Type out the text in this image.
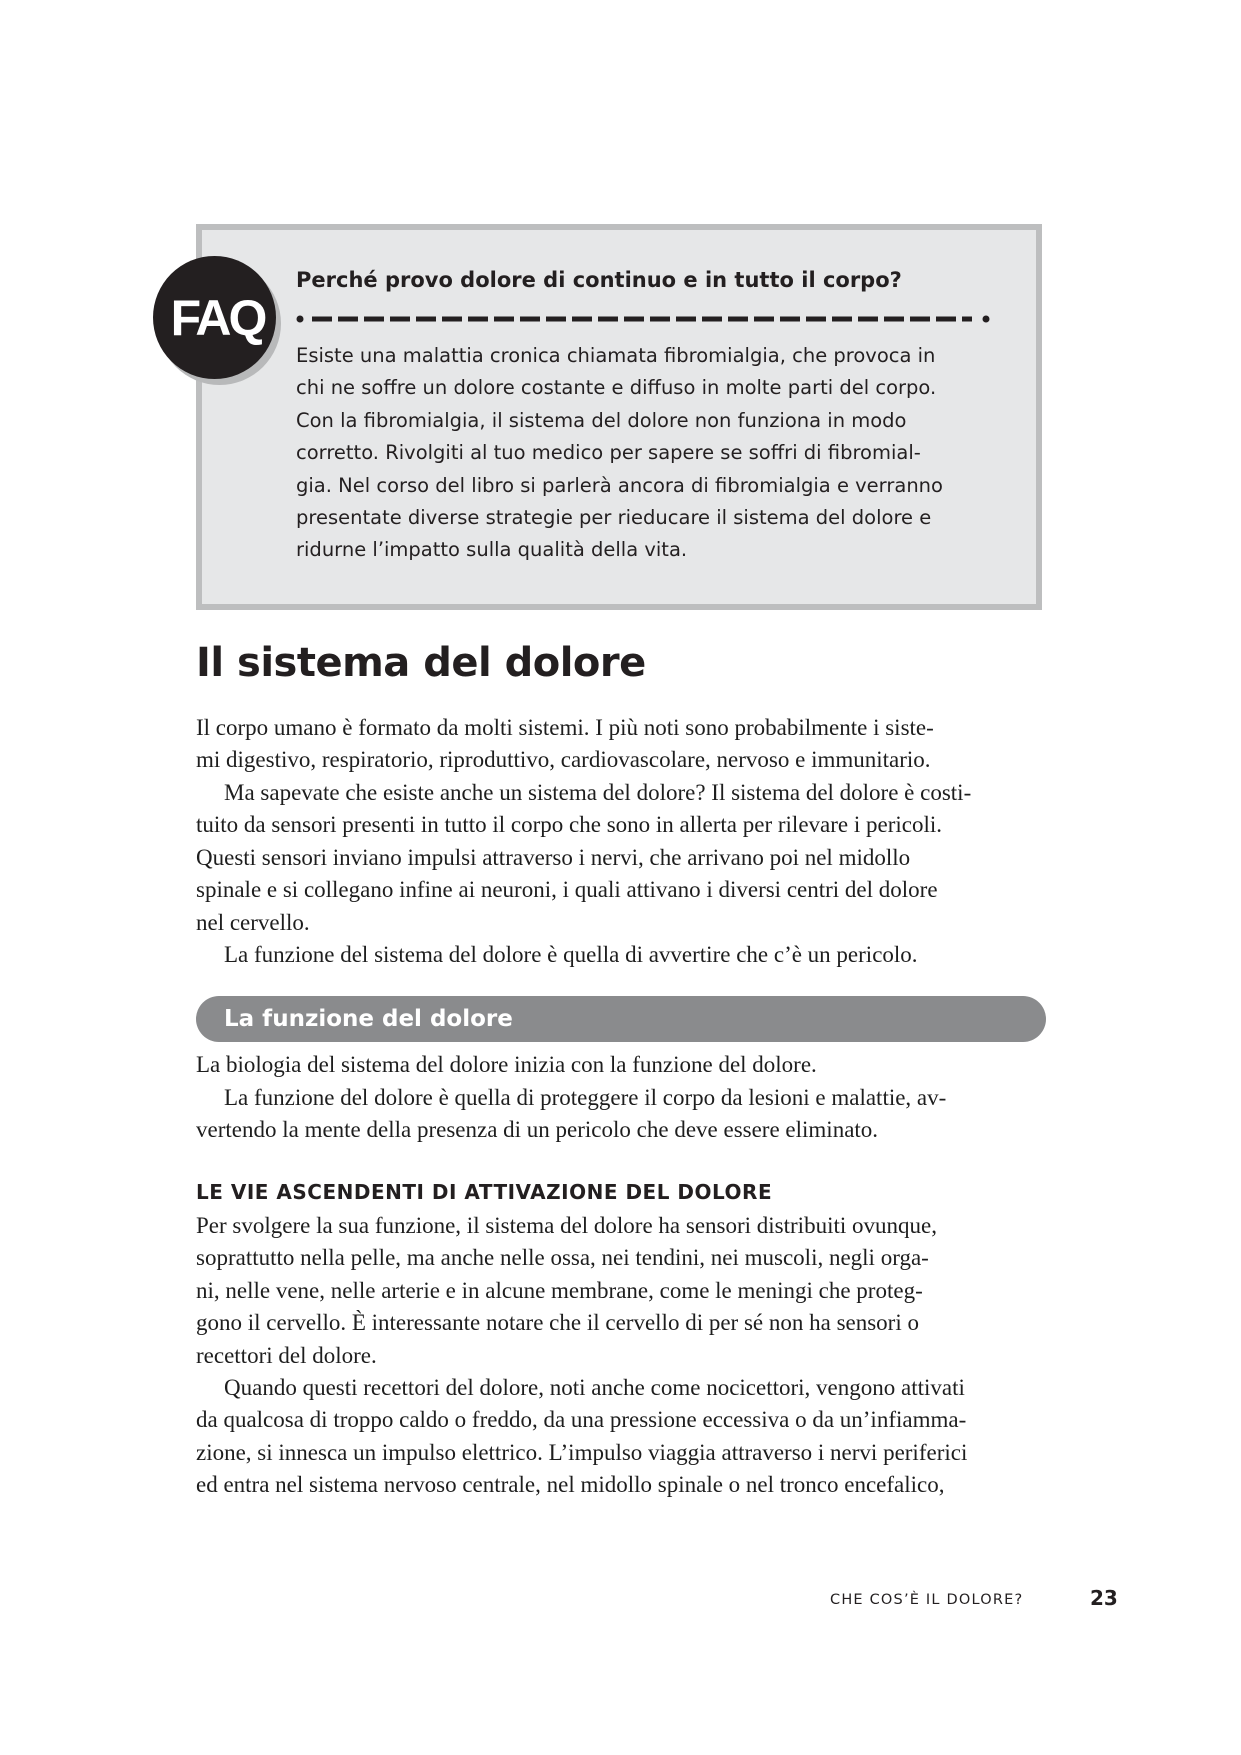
FAQ
Perché provo dolore di continuo e in tutto il corpo?

Esiste una malattia cronica chiamata fibromialgia, che provoca in
chi ne soffre un dolore costante e diffuso in molte parti del corpo.
Con la fibromialgia, il sistema del dolore non funziona in modo
corretto. Rivolgiti al tuo medico per sapere se soffri di fibromial-
gia. Nel corso del libro si parlerà ancora di fibromialgia e verranno
presentate diverse strategie per rieducare il sistema del dolore e
ridurne l’impatto sulla qualità della vita.

Il sistema del dolore

Il corpo umano è formato da molti sistemi. I più noti sono probabilmente i siste-
mi digestivo, respiratorio, riproduttivo, cardiovascolare, nervoso e immunitario.

Ma sapevate che esiste anche un sistema del dolore? Il sistema del dolore è costi-
tuito da sensori presenti in tutto il corpo che sono in allerta per rilevare i pericoli.
Questi sensori inviano impulsi attraverso i nervi, che arrivano poi nel midollo
spinale e si collegano infine ai neuroni, i quali attivano i diversi centri del dolore
nel cervello.

La funzione del sistema del dolore è quella di avvertire che c’è un pericolo.

La funzione del dolore

La biologia del sistema del dolore inizia con la funzione del dolore.

La funzione del dolore è quella di proteggere il corpo da lesioni e malattie, av-
vertendo la mente della presenza di un pericolo che deve essere eliminato.

LE VIE ASCENDENTI DI ATTIVAZIONE DEL DOLORE

Per svolgere la sua funzione, il sistema del dolore ha sensori distribuiti ovunque,
soprattutto nella pelle, ma anche nelle ossa, nei tendini, nei muscoli, negli orga-
ni, nelle vene, nelle arterie e in alcune membrane, come le meningi che proteg-
gono il cervello. È interessante notare che il cervello di per sé non ha sensori o
recettori del dolore.

Quando questi recettori del dolore, noti anche come nocicettori, vengono attivati
da qualcosa di troppo caldo o freddo, da una pressione eccessiva o da un’infiamma-
zione, si innesca un impulso elettrico. L’impulso viaggia attraverso i nervi periferici
ed entra nel sistema nervoso centrale, nel midollo spinale o nel tronco encefalico,

CHE COS’È IL DOLORE?	23
